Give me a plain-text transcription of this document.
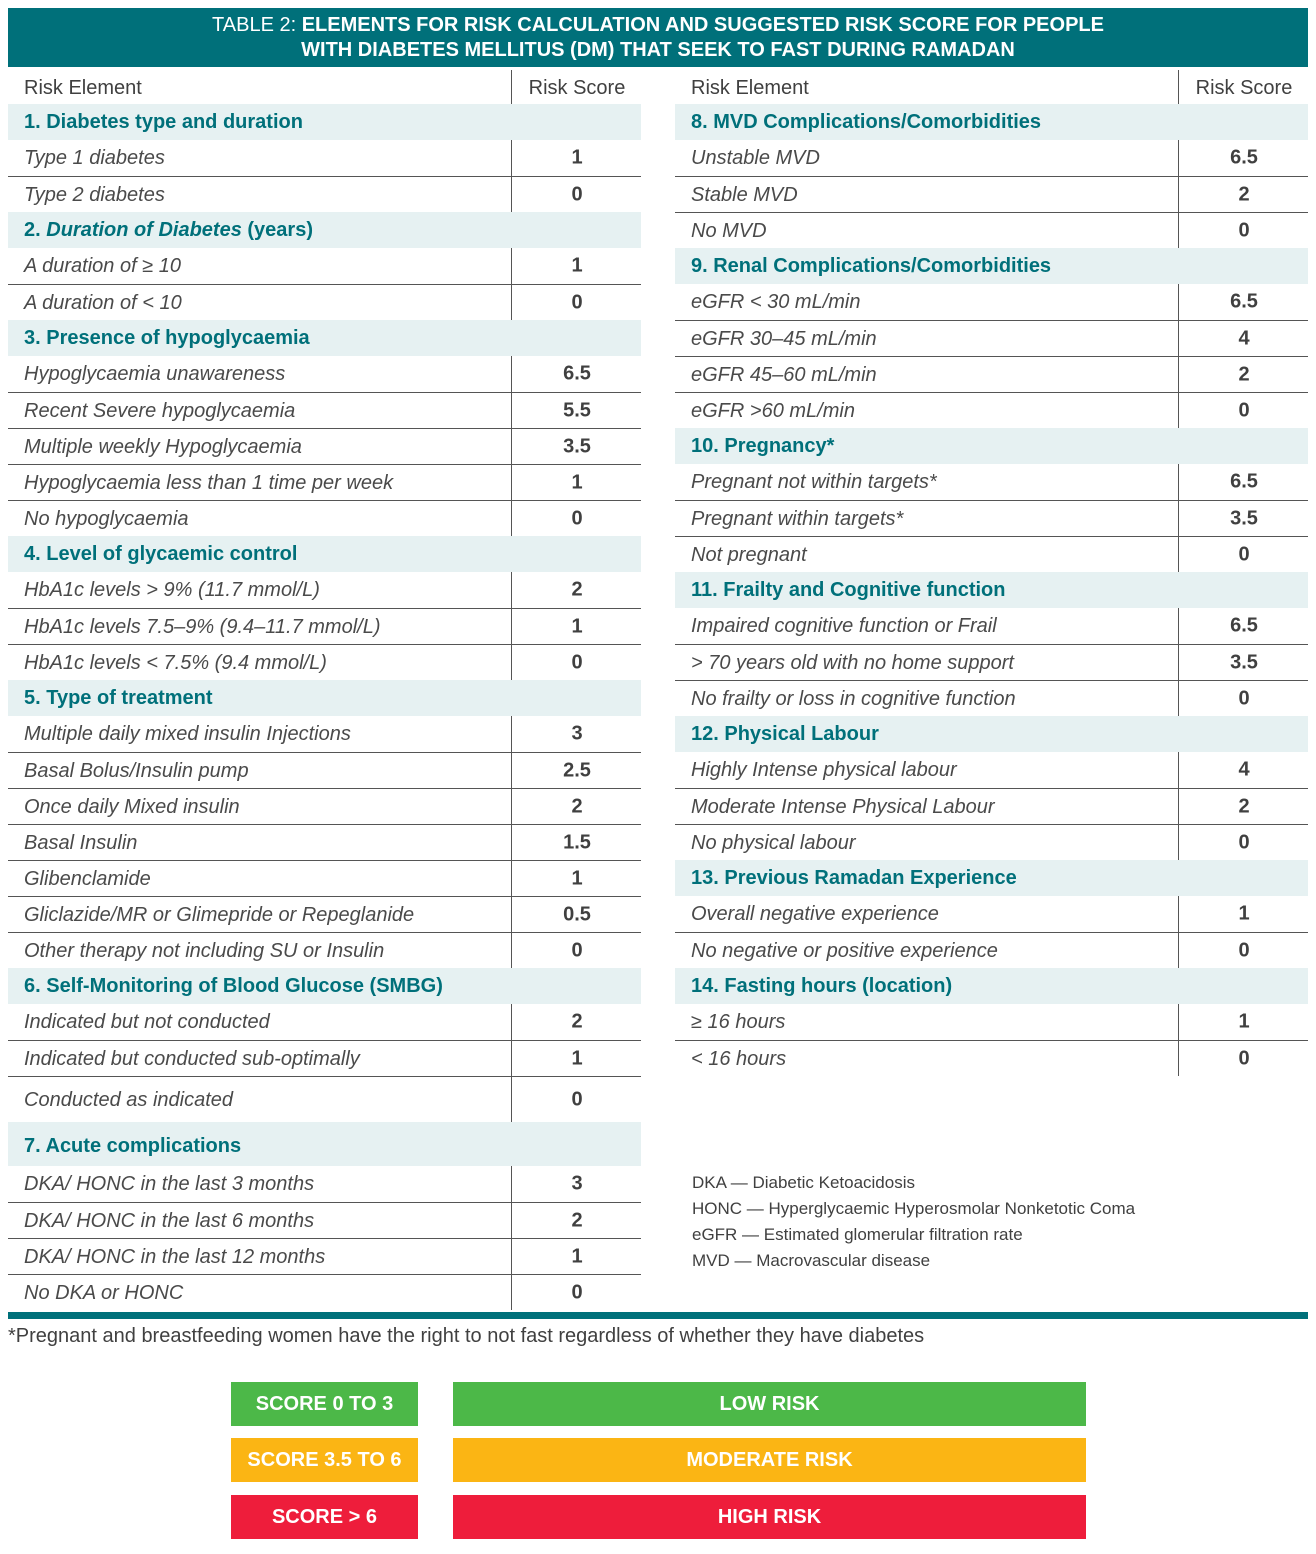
TABLE 2: ELEMENTS FOR RISK CALCULATION AND SUGGESTED RISK SCORE FOR PEOPLE
WITH DIABETES MELLITUS (DM) THAT SEEK TO FAST DURING RAMADAN
Risk Element	Risk Score
1. Diabetes type and duration
Type 1 diabetes	1
Type 2 diabetes	0
2. Duration of Diabetes (years)
A duration of ≥ 10	1
A duration of < 10	0
3. Presence of hypoglycaemia
Hypoglycaemia unawareness	6.5
Recent Severe hypoglycaemia	5.5
Multiple weekly Hypoglycaemia	3.5
Hypoglycaemia less than 1 time per week	1
No hypoglycaemia	0
4. Level of glycaemic control
HbA1c levels > 9% (11.7 mmol/L)	2
HbA1c levels 7.5–9% (9.4–11.7 mmol/L)	1
HbA1c levels < 7.5% (9.4 mmol/L)	0
5. Type of treatment
Multiple daily mixed insulin Injections	3
Basal Bolus/Insulin pump	2.5
Once daily Mixed insulin	2
Basal Insulin	1.5
Glibenclamide	1
Gliclazide/MR or Glimepride or Repeglanide	0.5
Other therapy not including SU or Insulin	0
6. Self-Monitoring of Blood Glucose (SMBG)
Indicated but not conducted	2
Indicated but conducted sub-optimally	1
Conducted as indicated	0
7. Acute complications
DKA/ HONC in the last 3 months	3
DKA/ HONC in the last 6 months	2
DKA/ HONC in the last 12 months	1
No DKA or HONC	0
Risk Element	Risk Score
8. MVD Complications/Comorbidities
Unstable MVD	6.5
Stable MVD	2
No MVD	0
9. Renal Complications/Comorbidities
eGFR < 30 mL/min	6.5
eGFR 30–45 mL/min	4
eGFR 45–60 mL/min	2
eGFR >60 mL/min	0
10. Pregnancy*
Pregnant not within targets*	6.5
Pregnant within targets*	3.5
Not pregnant	0
11. Frailty and Cognitive function
Impaired cognitive function or Frail	6.5
> 70 years old with no home support	3.5
No frailty or loss in cognitive function	0
12. Physical Labour
Highly Intense physical labour	4
Moderate Intense Physical Labour	2
No physical labour	0
13. Previous Ramadan Experience
Overall negative experience	1
No negative or positive experience	0
14. Fasting hours (location)
≥ 16 hours	1
< 16 hours	0
DKA — Diabetic Ketoacidosis
HONC — Hyperglycaemic Hyperosmolar Nonketotic Coma
eGFR — Estimated glomerular filtration rate
MVD — Macrovascular disease
*Pregnant and breastfeeding women have the right to not fast regardless of whether they have diabetes
SCORE 0 TO 3	LOW RISK
SCORE 3.5 TO 6	MODERATE RISK
SCORE > 6	HIGH RISK
